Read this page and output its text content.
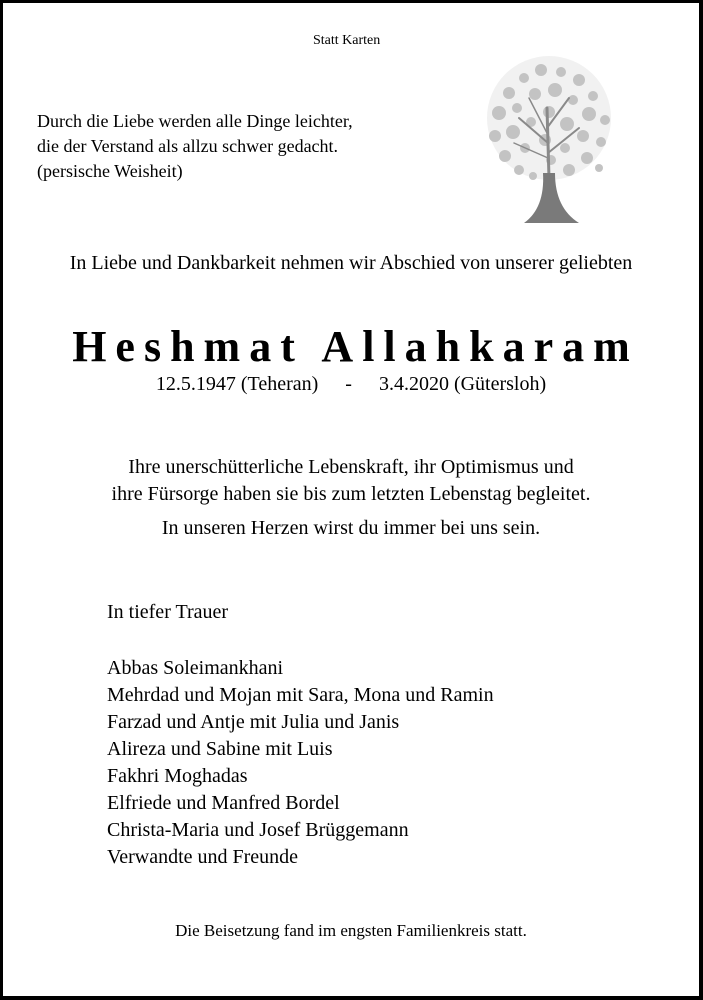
Statt Karten
Durch die Liebe werden alle Dinge leichter,
die der Verstand als allzu schwer gedacht.
(persische Weisheit)
In Liebe und Dankbarkeit nehmen wir Abschied von unserer geliebten
Heshmat Allahkaram
12.5.1947 (Teheran) - 3.4.2020 (Gütersloh)
Ihre unerschütterliche Lebenskraft, ihr Optimismus und
ihre Fürsorge haben sie bis zum letzten Lebenstag begleitet.
In unseren Herzen wirst du immer bei uns sein.
In tiefer Trauer
Abbas Soleimankhani
Mehrdad und Mojan mit Sara, Mona und Ramin
Farzad und Antje mit Julia und Janis
Alireza und Sabine mit Luis
Fakhri Moghadas
Elfriede und Manfred Bordel
Christa-Maria und Josef Brüggemann
Verwandte und Freunde
Die Beisetzung fand im engsten Familienkreis statt.
